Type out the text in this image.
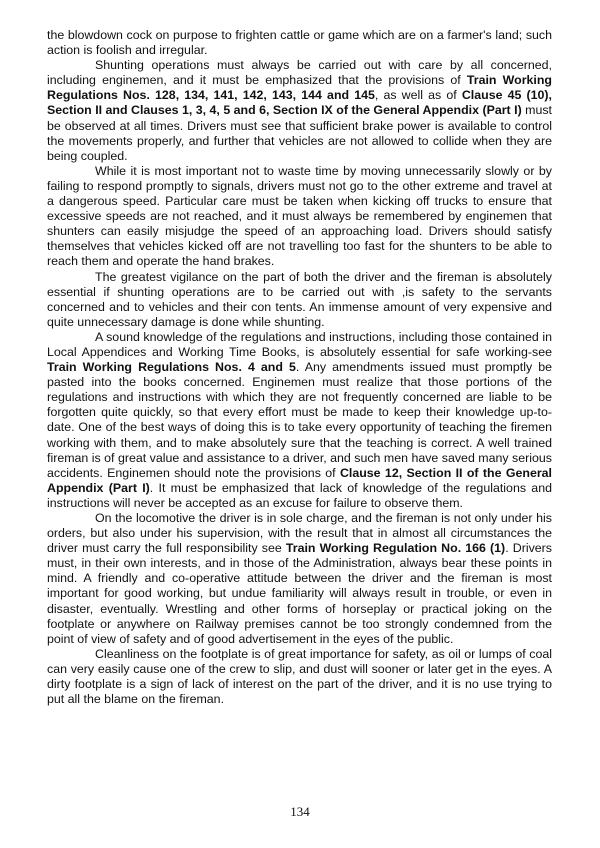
the blowdown cock on purpose to frighten cattle or game which are on a farmer's land; such action is foolish and irregular.

Shunting operations must always be carried out with care by all concerned, including enginemen, and it must be emphasized that the provisions of Train Working Regulations Nos. 128, 134, 141, 142, 143, 144 and 145, as well as of Clause 45 (10), Section II and Clauses 1, 3, 4, 5 and 6, Section IX of the General Appendix (Part I) must be observed at all times. Drivers must see that sufficient brake power is available to control the movements properly, and further that vehicles are not allowed to collide when they are being coupled.

While it is most important not to waste time by moving unnecessarily slowly or by failing to respond promptly to signals, drivers must not go to the other extreme and travel at a dangerous speed. Particular care must be taken when kicking off trucks to ensure that excessive speeds are not reached, and it must always be remembered by enginemen that shunters can easily misjudge the speed of an approaching load. Drivers should satisfy themselves that vehicles kicked off are not travelling too fast for the shunters to be able to reach them and operate the hand brakes.

The greatest vigilance on the part of both the driver and the fireman is absolutely essential if shunting operations are to be carried out with ,is safety to the servants concerned and to vehicles and their con tents. An immense amount of very expensive and quite unnecessary damage is done while shunting.

A sound knowledge of the regulations and instructions, including those contained in Local Appendices and Working Time Books, is absolutely essential for safe working-see Train Working Regulations Nos. 4 and 5. Any amendments issued must promptly be pasted into the books concerned. Enginemen must realize that those portions of the regulations and instructions with which they are not frequently concerned are liable to be forgotten quite quickly, so that every effort must be made to keep their knowledge up-to-date. One of the best ways of doing this is to take every opportunity of teaching the firemen working with them, and to make absolutely sure that the teaching is correct. A well trained fireman is of great value and assistance to a driver, and such men have saved many serious accidents. Enginemen should note the provisions of Clause 12, Section II of the General Appendix (Part I). It must be emphasized that lack of knowledge of the regulations and instructions will never be accepted as an excuse for failure to observe them.

On the locomotive the driver is in sole charge, and the fireman is not only under his orders, but also under his supervision, with the result that in almost all circumstances the driver must carry the full responsibility see Train Working Regulation No. 166 (1). Drivers must, in their own interests, and in those of the Administration, always bear these points in mind. A friendly and co-operative attitude between the driver and the fireman is most important for good working, but undue familiarity will always result in trouble, or even in disaster, eventually. Wrestling and other forms of horseplay or practical joking on the footplate or anywhere on Railway premises cannot be too strongly condemned from the point of view of safety and of good advertisement in the eyes of the public.

Cleanliness on the footplate is of great importance for safety, as oil or lumps of coal can very easily cause one of the crew to slip, and dust will sooner or later get in the eyes. A dirty footplate is a sign of lack of interest on the part of the driver, and it is no use trying to put all the blame on the fireman.

134
